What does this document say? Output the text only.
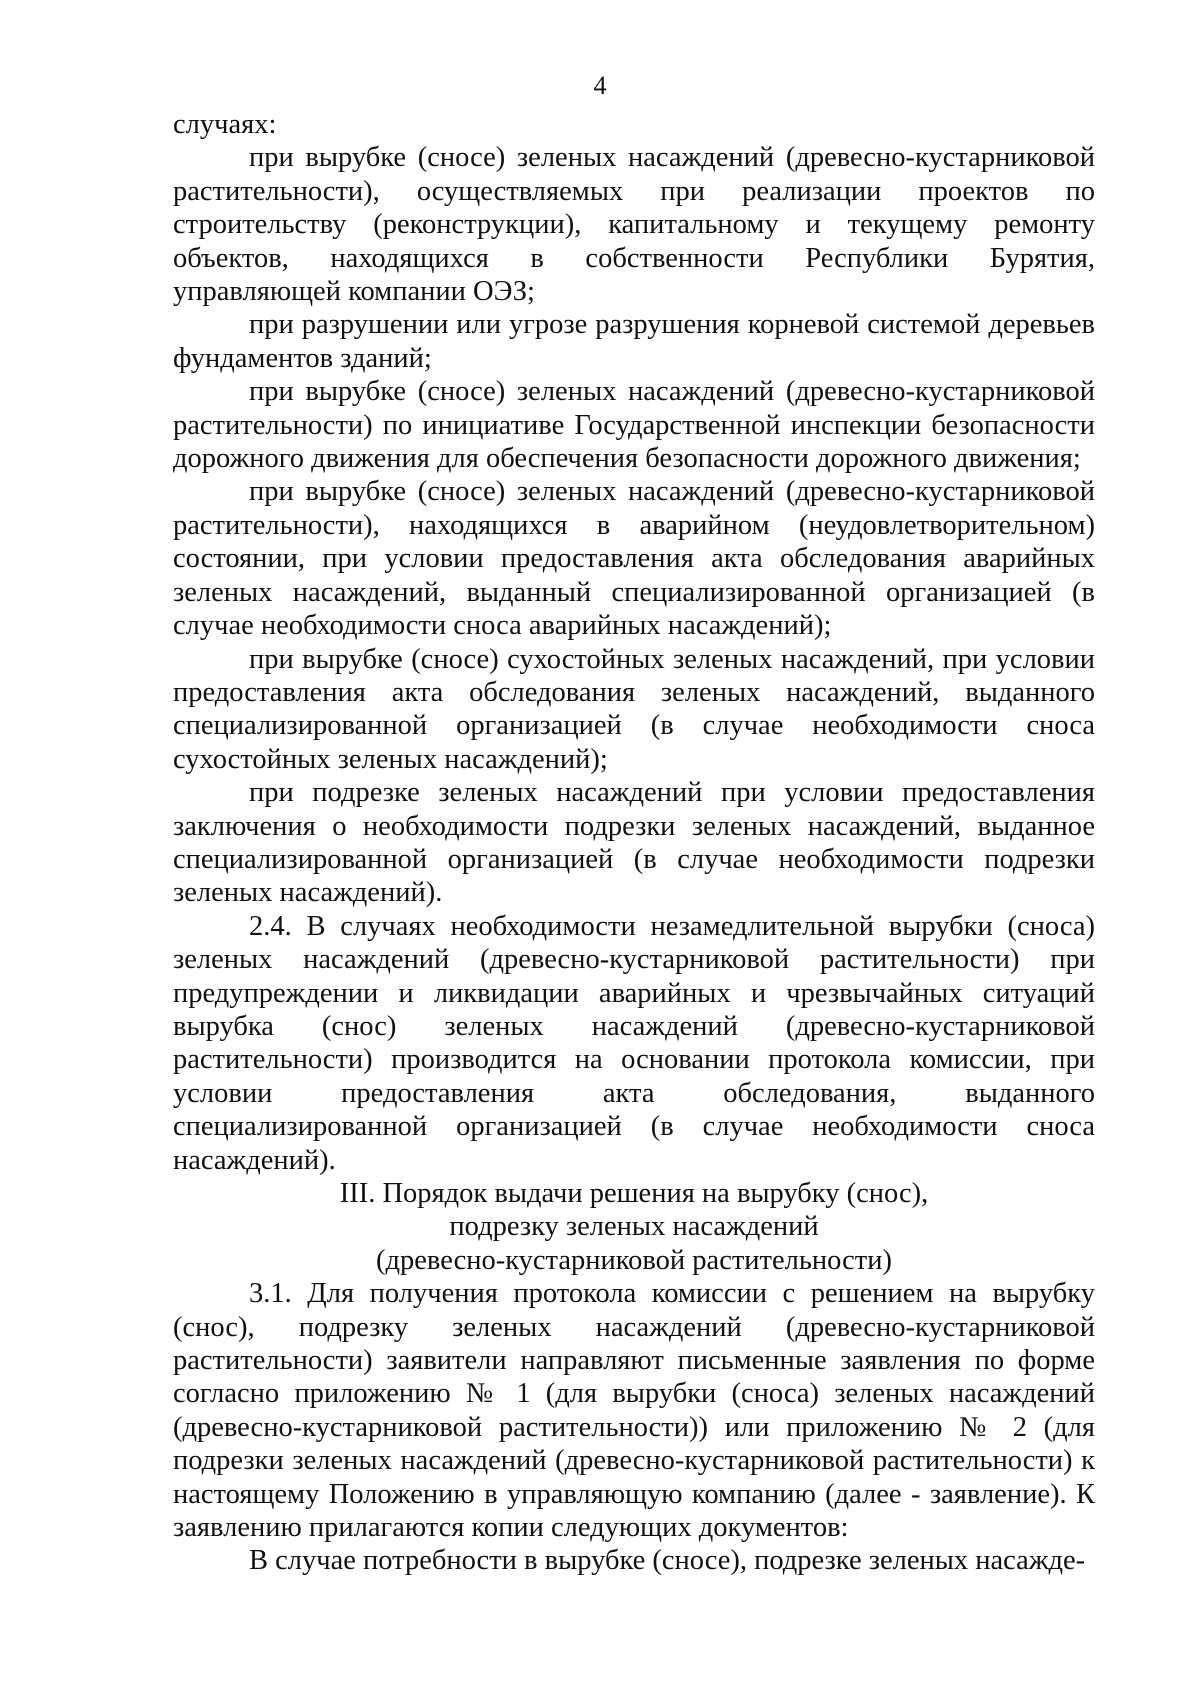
4

случаях:

при вырубке (сносе) зеленых насаждений (древесно-кустарниковой растительности), осуществляемых при реализации проектов по строительству (реконструкции), капитальному и текущему ремонту объектов, находящихся в собственности Республики Бурятия, управляющей компании ОЭЗ;

при разрушении или угрозе разрушения корневой системой деревьев фундаментов зданий;

при вырубке (сносе) зеленых насаждений (древесно-кустарниковой растительности) по инициативе Государственной инспекции безопасности дорожного движения для обеспечения безопасности дорожного движения;

при вырубке (сносе) зеленых насаждений (древесно-кустарниковой растительности), находящихся в аварийном (неудовлетворительном) состоянии, при условии предоставления акта обследования аварийных зеленых насаждений, выданный специализированной организацией (в случае необходимости сноса аварийных насаждений);

при вырубке (сносе) сухостойных зеленых насаждений, при условии предоставления акта обследования зеленых насаждений, выданного специализированной организацией (в случае необходимости сноса сухостойных зеленых насаждений);

при подрезке зеленых насаждений при условии предоставления заключения о необходимости подрезки зеленых насаждений, выданное специализированной организацией (в случае необходимости подрезки зеленых насаждений).

2.4. В случаях необходимости незамедлительной вырубки (сноса) зеленых насаждений (древесно-кустарниковой растительности) при предупреждении и ликвидации аварийных и чрезвычайных ситуаций вырубка (снос) зеленых насаждений (древесно-кустарниковой растительности) производится на основании протокола комиссии, при условии предоставления акта обследования, выданного специализированной организацией (в случае необходимости сноса насаждений).

III. Порядок выдачи решения на вырубку (снос),
подрезку зеленых насаждений
(древесно-кустарниковой растительности)

3.1. Для получения протокола комиссии с решением на вырубку (снос), подрезку зеленых насаждений (древесно-кустарниковой растительности) заявители направляют письменные заявления по форме согласно приложению № 1 (для вырубки (сноса) зеленых насаждений (древесно-кустарниковой растительности)) или приложению № 2 (для подрезки зеленых насаждений (древесно-кустарниковой растительности) к настоящему Положению в управляющую компанию (далее - заявление). К заявлению прилагаются копии следующих документов:

В случае потребности в вырубке (сносе), подрезке зеленых насажде-
